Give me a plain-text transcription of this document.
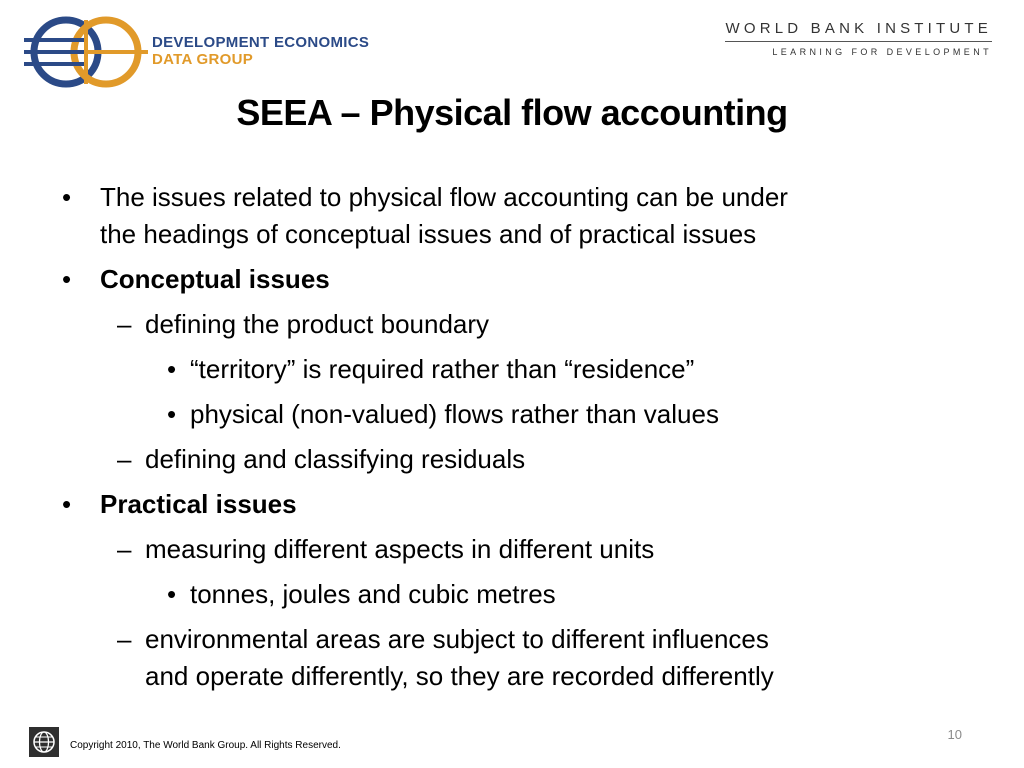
DEVELOPMENT ECONOMICS
DATA GROUP
WORLD BANK INSTITUTE
LEARNING FOR DEVELOPMENT
SEEA – Physical flow accounting
• The issues related to physical flow accounting can be under
the headings of conceptual issues and of practical issues
• Conceptual issues
– defining the product boundary
• “territory” is required rather than “residence”
• physical (non-valued) flows rather than values
– defining and classifying residuals
• Practical issues
– measuring different aspects in different units
• tonnes, joules and cubic metres
– environmental areas are subject to different influences
and operate differently, so they are recorded differently
Copyright 2010, The World Bank Group. All Rights Reserved.
10
